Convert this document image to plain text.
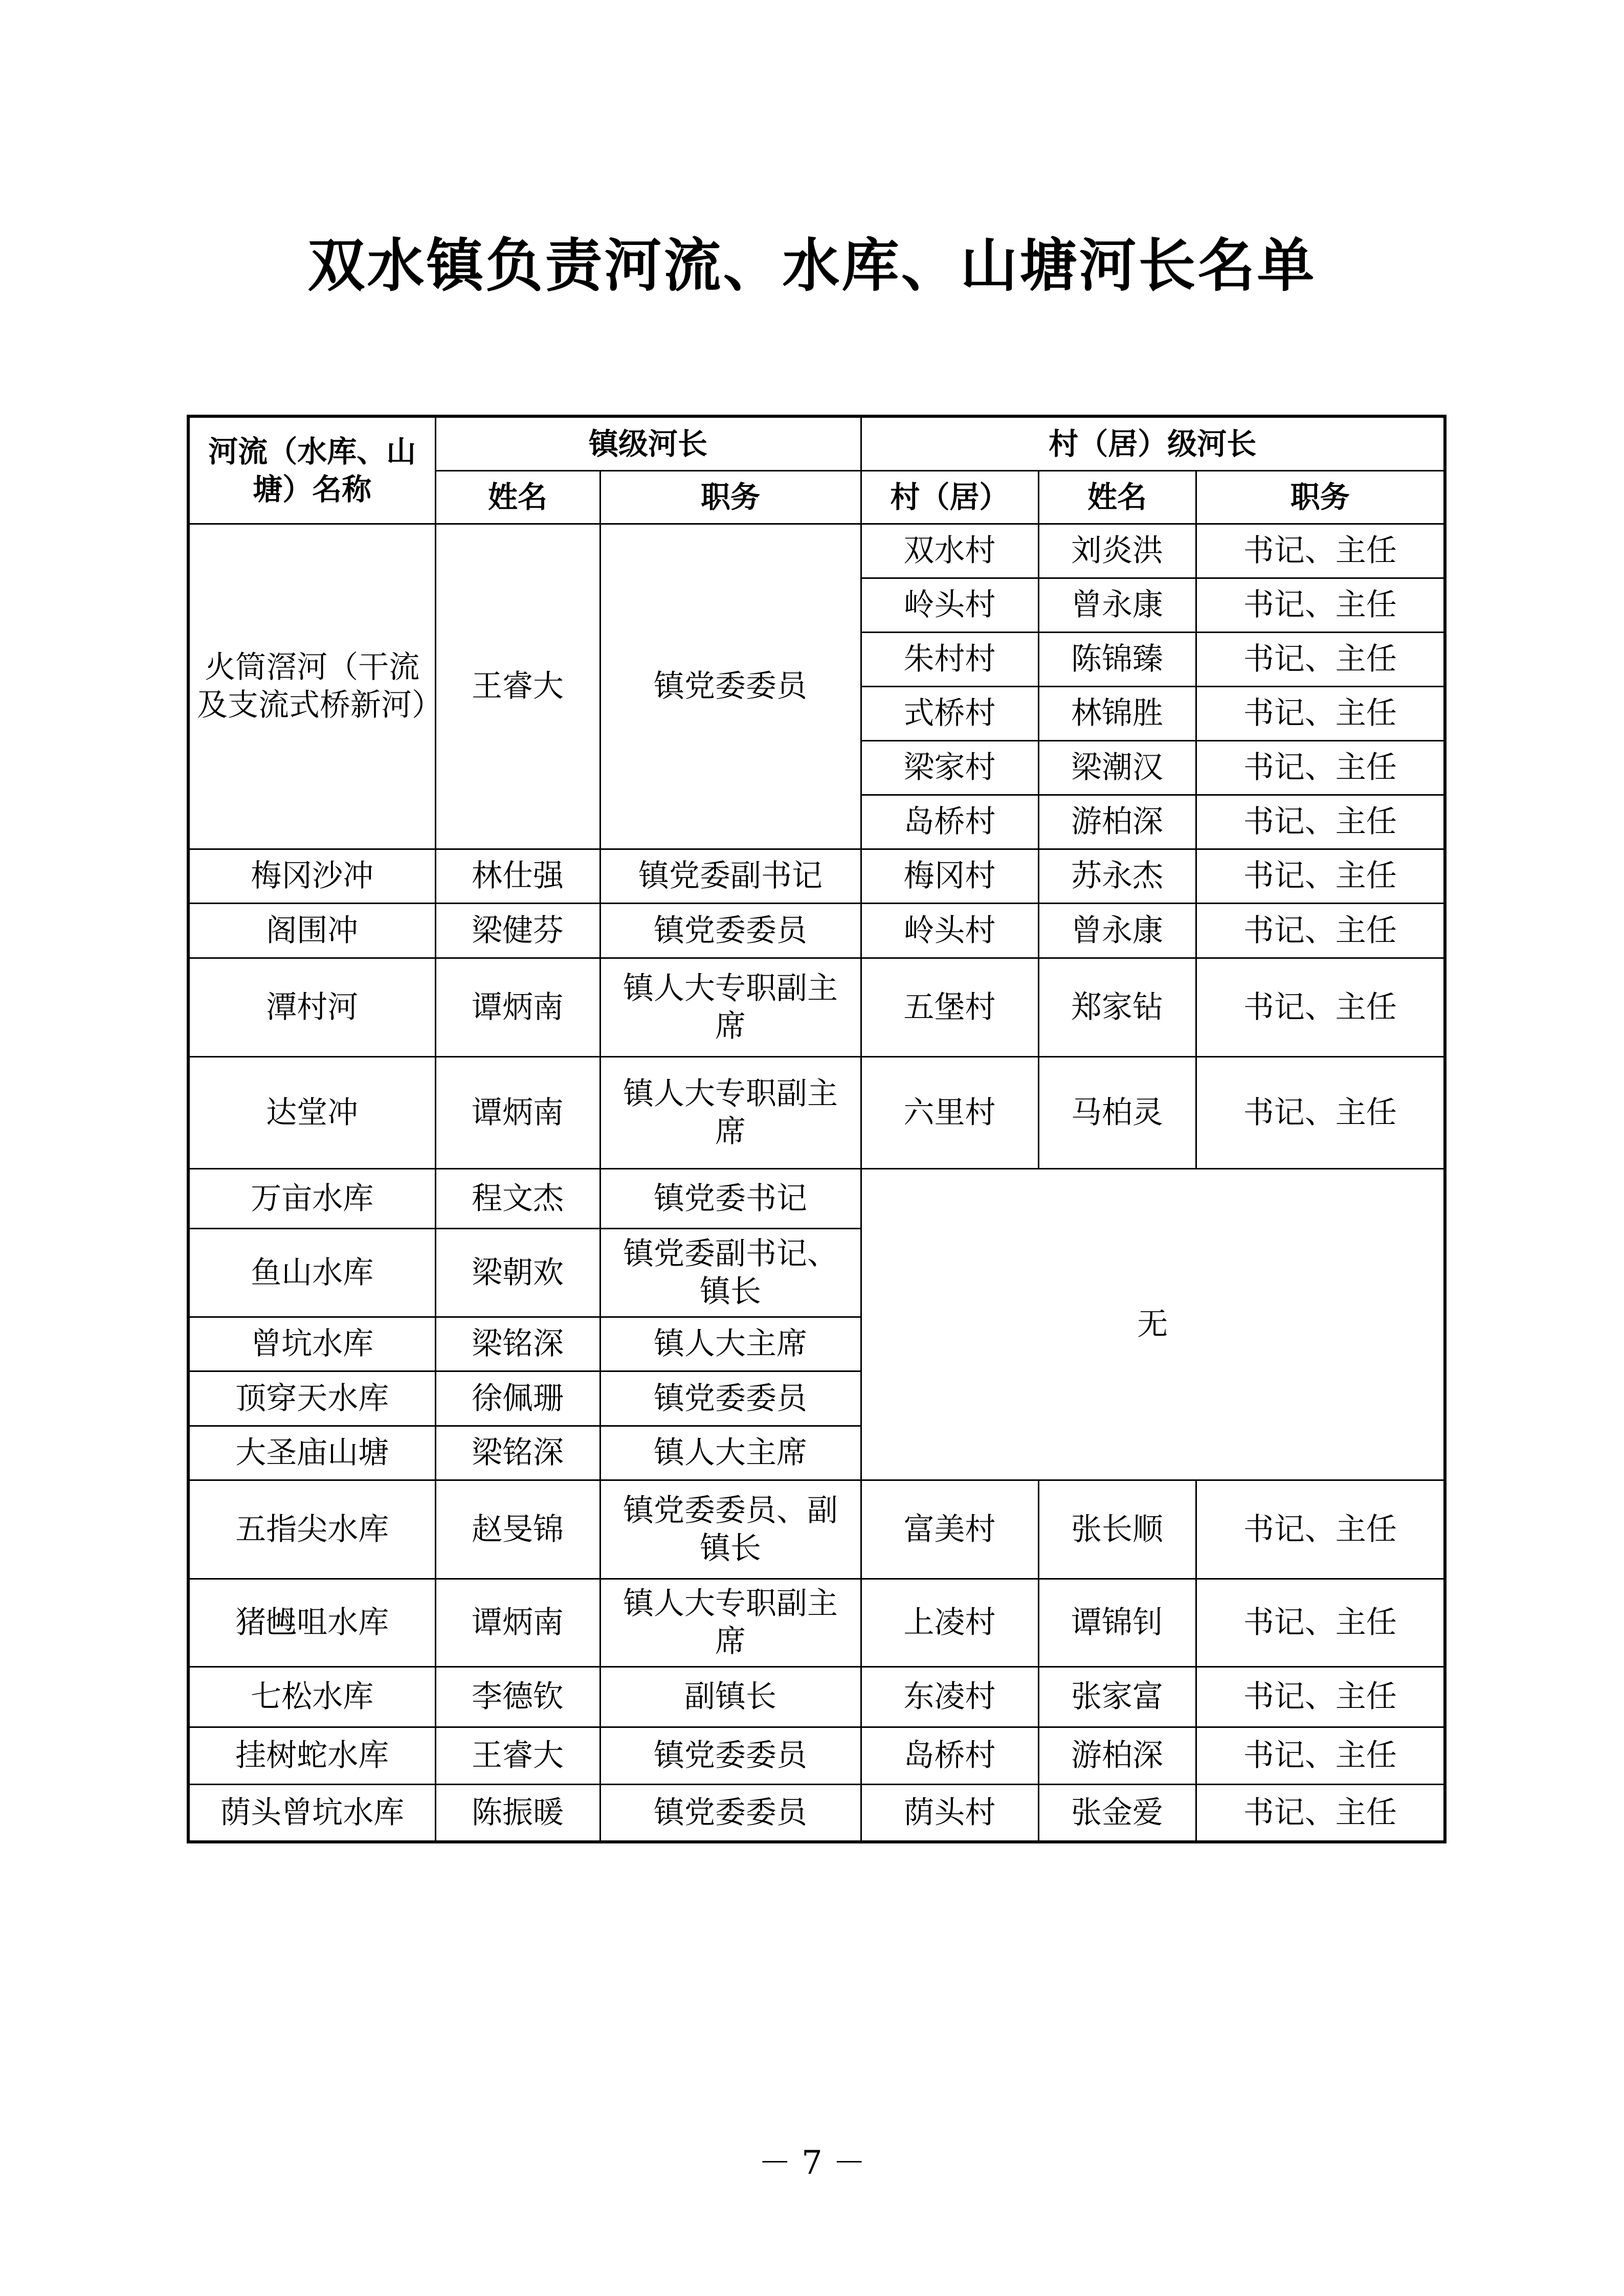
双水镇负责河流、水库、山塘河长名单
河流（水库、山塘）名称	镇级河长		村（居）级河长		
	姓名	职务	村（居）	姓名	职务
火筒滘河（干流及支流式桥新河）	王睿大	镇党委委员	双水村	刘炎洪	书记、主任
			岭头村	曾永康	书记、主任
			朱村村	陈锦臻	书记、主任
			式桥村	林锦胜	书记、主任
			梁家村	梁潮汉	书记、主任
			岛桥村	游柏深	书记、主任
梅冈沙冲	林仕强	镇党委副书记	梅冈村	苏永杰	书记、主任
阁围冲	梁健芬	镇党委委员	岭头村	曾永康	书记、主任
潭村河	谭炳南	镇人大专职副主席	五堡村	郑家钻	书记、主任
达堂冲	谭炳南	镇人大专职副主席	六里村	马柏灵	书记、主任
万亩水库	程文杰	镇党委书记	无		
鱼山水库	梁朝欢	镇党委副书记、镇长			
曾坑水库	梁铭深	镇人大主席			
顶穿天水库	徐佩珊	镇党委委员			
大圣庙山塘	梁铭深	镇人大主席			
五指尖水库	赵旻锦	镇党委委员、副镇长	富美村	张长顺	书记、主任
猪乸咀水库	谭炳南	镇人大专职副主席	上凌村	谭锦钊	书记、主任
七松水库	李德钦	副镇长	东凌村	张家富	书记、主任
挂树蛇水库	王睿大	镇党委委员	岛桥村	游柏深	书记、主任
荫头曾坑水库	陈振暖	镇党委委员	荫头村	张金爱	书记、主任
－ 7 －
